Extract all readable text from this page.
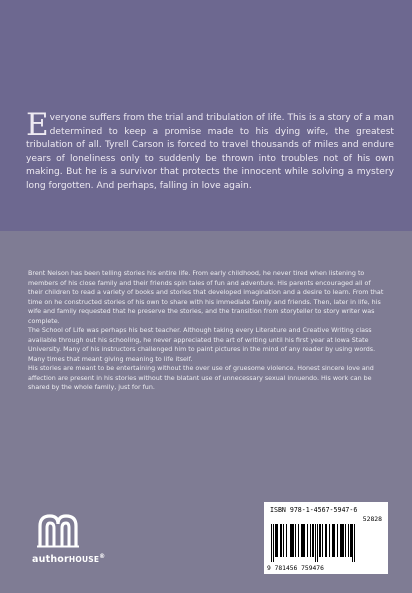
Everyone suffers from the trial and tribulation of life. This is a story of a man determined to keep a promise made to his dying wife, the greatest tribulation of all. Tyrell Carson is forced to travel thousands of miles and endure years of loneliness only to suddenly be thrown into troubles not of his own making. But he is a survivor that protects the innocent while solving a mystery long forgotten. And perhaps, falling in love again.

Brent Nelson has been telling stories his entire life. From early childhood, he never tired when listening to members of his close family and their friends spin tales of fun and adventure. His parents encouraged all of their children to read a variety of books and stories that developed imagination and a desire to learn. From that time on he constructed stories of his own to share with his immediate family and friends. Then, later in life, his wife and family requested that he preserve the stories, and the transition from storyteller to story writer was complete.

The School of Life was perhaps his best teacher. Although taking every Literature and Creative Writing class available through out his schooling, he never appreciated the art of writing until his first year at Iowa State University. Many of his instructors challenged him to paint pictures in the mind of any reader by using words. Many times that meant giving meaning to life itself.

His stories are meant to be entertaining without the over use of gruesome violence. Honest sincere love and affection are present in his stories without the blatant use of unnecessary sexual innuendo. His work can be shared by the whole family, just for fun.

authorHOUSE®
ISBN 978-1-4567-5947-6
52828
9 781456 759476
